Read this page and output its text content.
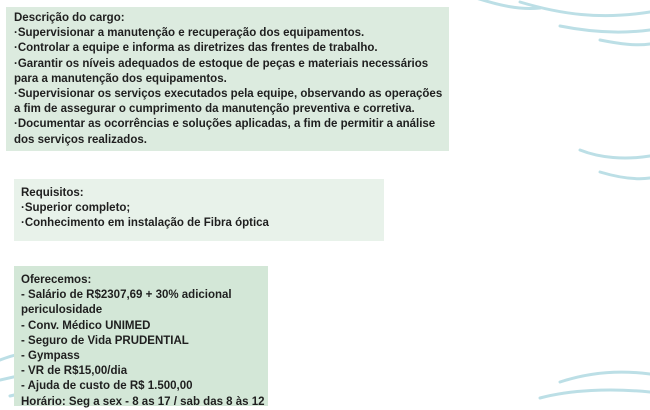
Descrição do cargo:
·Supervisionar a manutenção e recuperação dos equipamentos.
·Controlar a equipe e informa as diretrizes das frentes de trabalho.
·Garantir os níveis adequados de estoque de peças e materiais necessários
para a manutenção dos equipamentos.
·Supervisionar os serviços executados pela equipe, observando as operações
a fim de assegurar o cumprimento da manutenção preventiva e corretiva.
·Documentar as ocorrências e soluções aplicadas, a fim de permitir a análise
dos serviços realizados.
Requisitos:
·Superior completo;
·Conhecimento em instalação de Fibra óptica
Oferecemos:
- Salário de R$2307,69 + 30% adicional
periculosidade
- Conv. Médico UNIMED
- Seguro de Vida PRUDENTIAL
- Gympass
- VR de R$15,00/dia
- Ajuda de custo de R$ 1.500,00
Horário: Seg a sex - 8 as 17 / sab das 8 às 12
